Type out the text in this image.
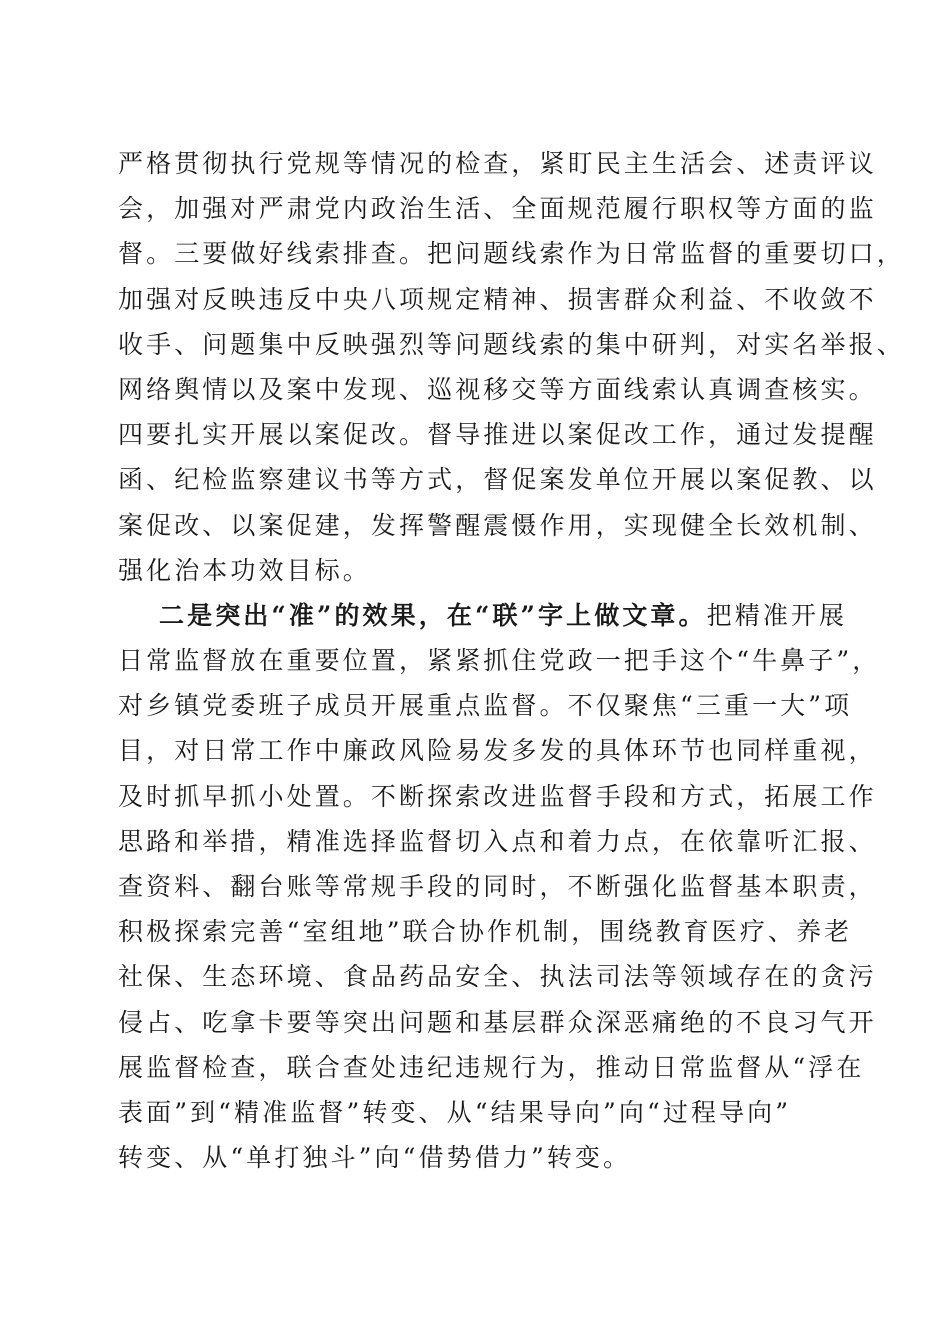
严格贯彻执行党规等情况的检查，紧盯民主生活会、述责评议
会，加强对严肃党内政治生活、全面规范履行职权等方面的监
督。三要做好线索排查。把问题线索作为日常监督的重要切口，
加强对反映违反中央八项规定精神、损害群众利益、不收敛不
收手、问题集中反映强烈等问题线索的集中研判，对实名举报、
网络舆情以及案中发现、巡视移交等方面线索认真调查核实。
四要扎实开展以案促改。督导推进以案促改工作，通过发提醒
函、纪检监察建议书等方式，督促案发单位开展以案促教、以
案促改、以案促建，发挥警醒震慑作用，实现健全长效机制、
强化治本功效目标。
二是突出“准”的效果，在“联”字上做文章。把精准开展
日常监督放在重要位置，紧紧抓住党政一把手这个“牛鼻子”，
对乡镇党委班子成员开展重点监督。不仅聚焦“三重一大”项
目，对日常工作中廉政风险易发多发的具体环节也同样重视，
及时抓早抓小处置。不断探索改进监督手段和方式，拓展工作
思路和举措，精准选择监督切入点和着力点，在依靠听汇报、
查资料、翻台账等常规手段的同时，不断强化监督基本职责，
积极探索完善“室组地”联合协作机制，围绕教育医疗、养老
社保、生态环境、食品药品安全、执法司法等领域存在的贪污
侵占、吃拿卡要等突出问题和基层群众深恶痛绝的不良习气开
展监督检查，联合查处违纪违规行为，推动日常监督从“浮在
表面”到“精准监督”转变、从“结果导向”向“过程导向”
转变、从“单打独斗”向“借势借力”转变。
